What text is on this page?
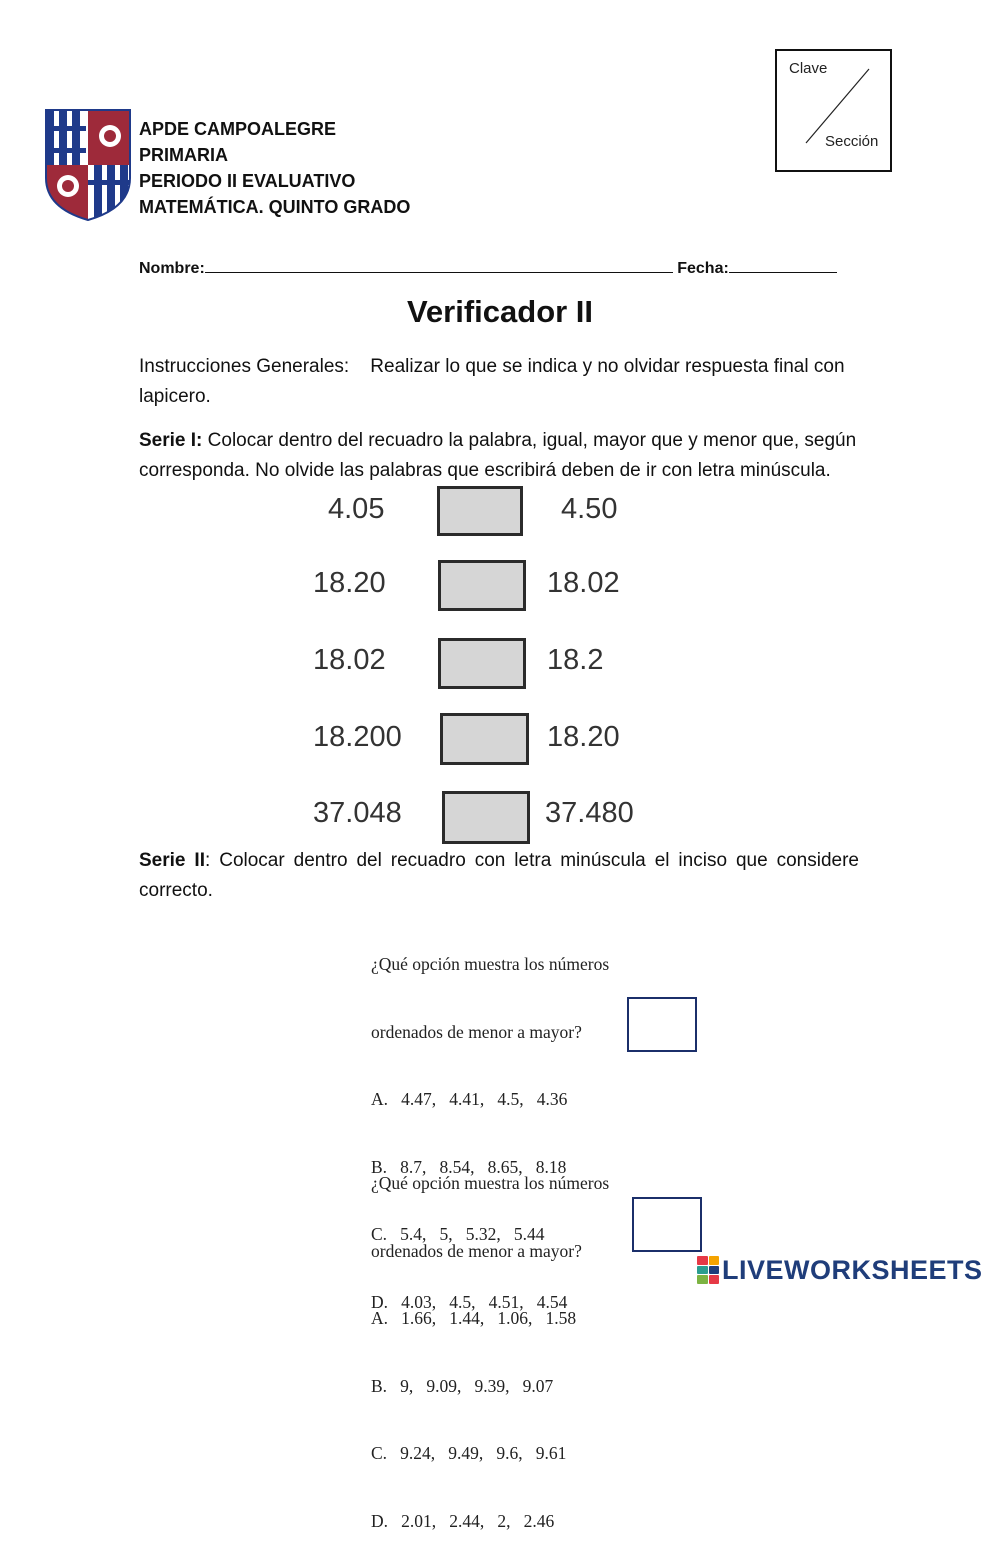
APDE CAMPOALEGRE
PRIMARIA
PERIODO II EVALUATIVO
MATEMÁTICA. QUINTO GRADO
Clave
Sección
Nombre:	Fecha:
Verificador II
Instrucciones Generales: Realizar lo que se indica y no olvidar respuesta final con lapicero.
Serie I: Colocar dentro del recuadro la palabra, igual, mayor que y menor que, según corresponda. No olvide las palabras que escribirá deben de ir con letra minúscula.
4.05	4.50
18.20	18.02
18.02	18.2
18.200	18.20
37.048	37.480
Serie II: Colocar dentro del recuadro con letra minúscula el inciso que considere correcto.

¿Qué opción muestra los números

ordenados de menor a mayor?

A.   4.47,   4.41,   4.5,   4.36

B.   8.7,   8.54,   8.65,   8.18

C.   5.4,   5,   5.32,   5.44

D.   4.03,   4.5,   4.51,   4.54

¿Qué opción muestra los números

ordenados de menor a mayor?

A.   1.66,   1.44,   1.06,   1.58

B.   9,   9.09,   9.39,   9.07

C.   9.24,   9.49,   9.6,   9.61

D.   2.01,   2.44,   2,   2.46

LIVEWORKSHEETS
